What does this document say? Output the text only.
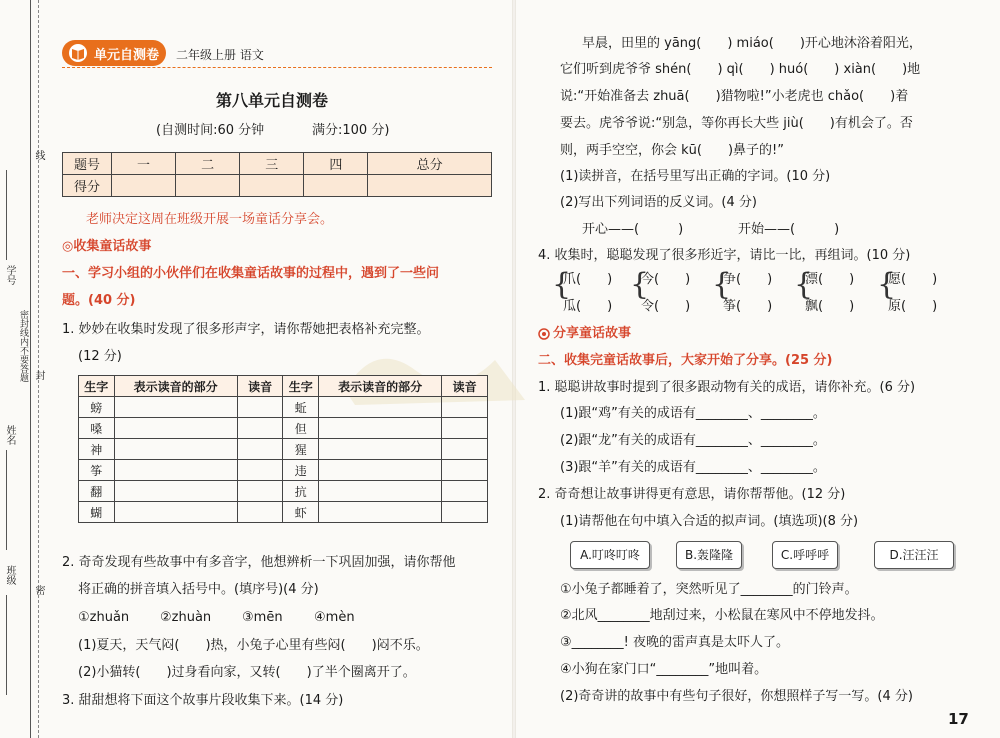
线
学号
密封线内不要答题 封
姓名
班级
密
单元自测卷 二年级上册 语文
第八单元自测卷
(自测时间:60 分钟	满分:100 分)
题号	一	二	三	四	总分
得分					
老师决定这周在班级开展一场童话分享会。
◎收集童话故事
一、学习小组的小伙伴们在收集童话故事的过程中，遇到了一些问
题。(40 分)
1. 妙妙在收集时发现了很多形声字，请你帮她把表格补充完整。
(12 分)
生字	表示读音的部分	读音	生字	表示读音的部分	读音
螃			蚯		
嗓			但		
神			猩		
筝			违		
翻			抗		
蝴			虾		
2. 奇奇发现有些故事中有多音字，他想辨析一下巩固加强，请你帮他
将正确的拼音填入括号中。(填序号)(4 分)
①zhuǎn ②zhuàn ③mēn ④mèn
(1)夏天，天气闷(　　)热，小兔子心里有些闷(　　)闷不乐。
(2)小猫转(　　)过身看向家，又转(　　)了半个圈离开了。
3. 甜甜想将下面这个故事片段收集下来。(14 分)
早晨，田里的 yāng(　　) miáo(　　)开心地沐浴着阳光，
它们听到虎爷爷 shén(　　) qì(　　) huó(　　) xiàn(　　)地
说:“开始准备去 zhuā(　　)猎物啦!”小老虎也 chǎo(　　)着
要去。虎爷爷说:“别急，等你再长大些 jiù(　　)有机会了。否
则，两手空空，你会 kū(　　)鼻子的!”
(1)读拼音，在括号里写出正确的字词。(10 分)
(2)写出下列词语的反义词。(4 分)
开心——(　　　)	开始——(　　　)
4. 收集时，聪聪发现了很多形近字，请比一比，再组词。(10 分)
{
爪(　　)
瓜(　　)
{
今(　　)
令(　　)
{
争(　　)
筝(　　)
{
漂(　　)
飘(　　)
{
愿(　　)
原(　　)
分享童话故事
二、收集完童话故事后，大家开始了分享。(25 分)
1. 聪聪讲故事时提到了很多跟动物有关的成语，请你补充。(6 分)
(1)跟“鸡”有关的成语有________、________。
(2)跟“龙”有关的成语有________、________。
(3)跟“羊”有关的成语有________、________。
2. 奇奇想让故事讲得更有意思，请你帮帮他。(12 分)
(1)请帮他在句中填入合适的拟声词。(填选项)(8 分)
A.叮咚叮咚	B.轰隆隆	C.呼呼呼	D.汪汪汪
①小兔子都睡着了，突然听见了________的门铃声。
②北风________地刮过来，小松鼠在寒风中不停地发抖。
③________! 夜晚的雷声真是太吓人了。
④小狗在家门口“________”地叫着。
(2)奇奇讲的故事中有些句子很好，你想照样子写一写。(4 分)
17
